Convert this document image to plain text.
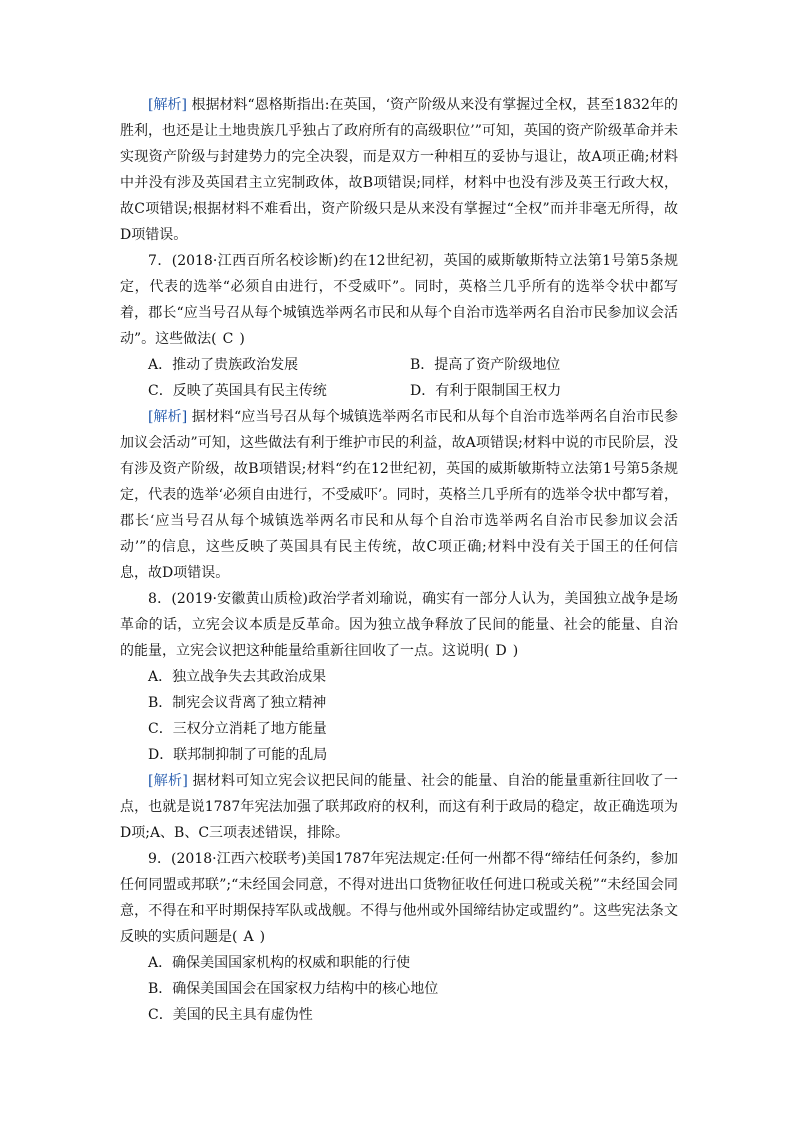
[解析] 根据材料“恩格斯指出:在英国，‘资产阶级从来没有掌握过全权，甚至1832年的胜利，也还是让土地贵族几乎独占了政府所有的高级职位’”可知，英国的资产阶级革命并未实现资产阶级与封建势力的完全决裂，而是双方一种相互的妥协与退让，故A项正确;材料中并没有涉及英国君主立宪制政体，故B项错误;同样，材料中也没有涉及英王行政大权，故C项错误;根据材料不难看出，资产阶级只是从来没有掌握过“全权”而并非毫无所得，故D项错误。

7．(2018·江西百所名校诊断)约在12世纪初，英国的威斯敏斯特立法第1号第5条规定，代表的选举“必须自由进行，不受威吓”。同时，英格兰几乎所有的选举令状中都写着，郡长“应当号召从每个城镇选举两名市民和从每个自治市选举两名自治市民参加议会活动”。这些做法( C )

A．推动了贵族政治发展	B．提高了资产阶级地位
C．反映了英国具有民主传统	D．有利于限制国王权力

[解析] 据材料“应当号召从每个城镇选举两名市民和从每个自治市选举两名自治市民参加议会活动”可知，这些做法有利于维护市民的利益，故A项错误;材料中说的市民阶层，没有涉及资产阶级，故B项错误;材料“约在12世纪初，英国的威斯敏斯特立法第1号第5条规定，代表的选举‘必须自由进行，不受威吓’。同时，英格兰几乎所有的选举令状中都写着，郡长‘应当号召从每个城镇选举两名市民和从每个自治市选举两名自治市民参加议会活动’”的信息，这些反映了英国具有民主传统，故C项正确;材料中没有关于国王的任何信息，故D项错误。

8．(2019·安徽黄山质检)政治学者刘瑜说，确实有一部分人认为，美国独立战争是场革命的话，立宪会议本质是反革命。因为独立战争释放了民间的能量、社会的能量、自治的能量，立宪会议把这种能量给重新往回收了一点。这说明( D )

A．独立战争失去其政治成果

B．制宪会议背离了独立精神

C．三权分立消耗了地方能量

D．联邦制抑制了可能的乱局

[解析] 据材料可知立宪会议把民间的能量、社会的能量、自治的能量重新往回收了一点，也就是说1787年宪法加强了联邦政府的权利，而这有利于政局的稳定，故正确选项为D项;A、B、C三项表述错误，排除。

9．(2018·江西六校联考)美国1787年宪法规定:任何一州都不得“缔结任何条约，参加任何同盟或邦联”;“未经国会同意，不得对进出口货物征收任何进口税或关税”“未经国会同意，不得在和平时期保持军队或战舰。不得与他州或外国缔结协定或盟约”。这些宪法条文反映的实质问题是( A )

A．确保美国国家机构的权威和职能的行使

B．确保美国国会在国家权力结构中的核心地位

C．美国的民主具有虚伪性
